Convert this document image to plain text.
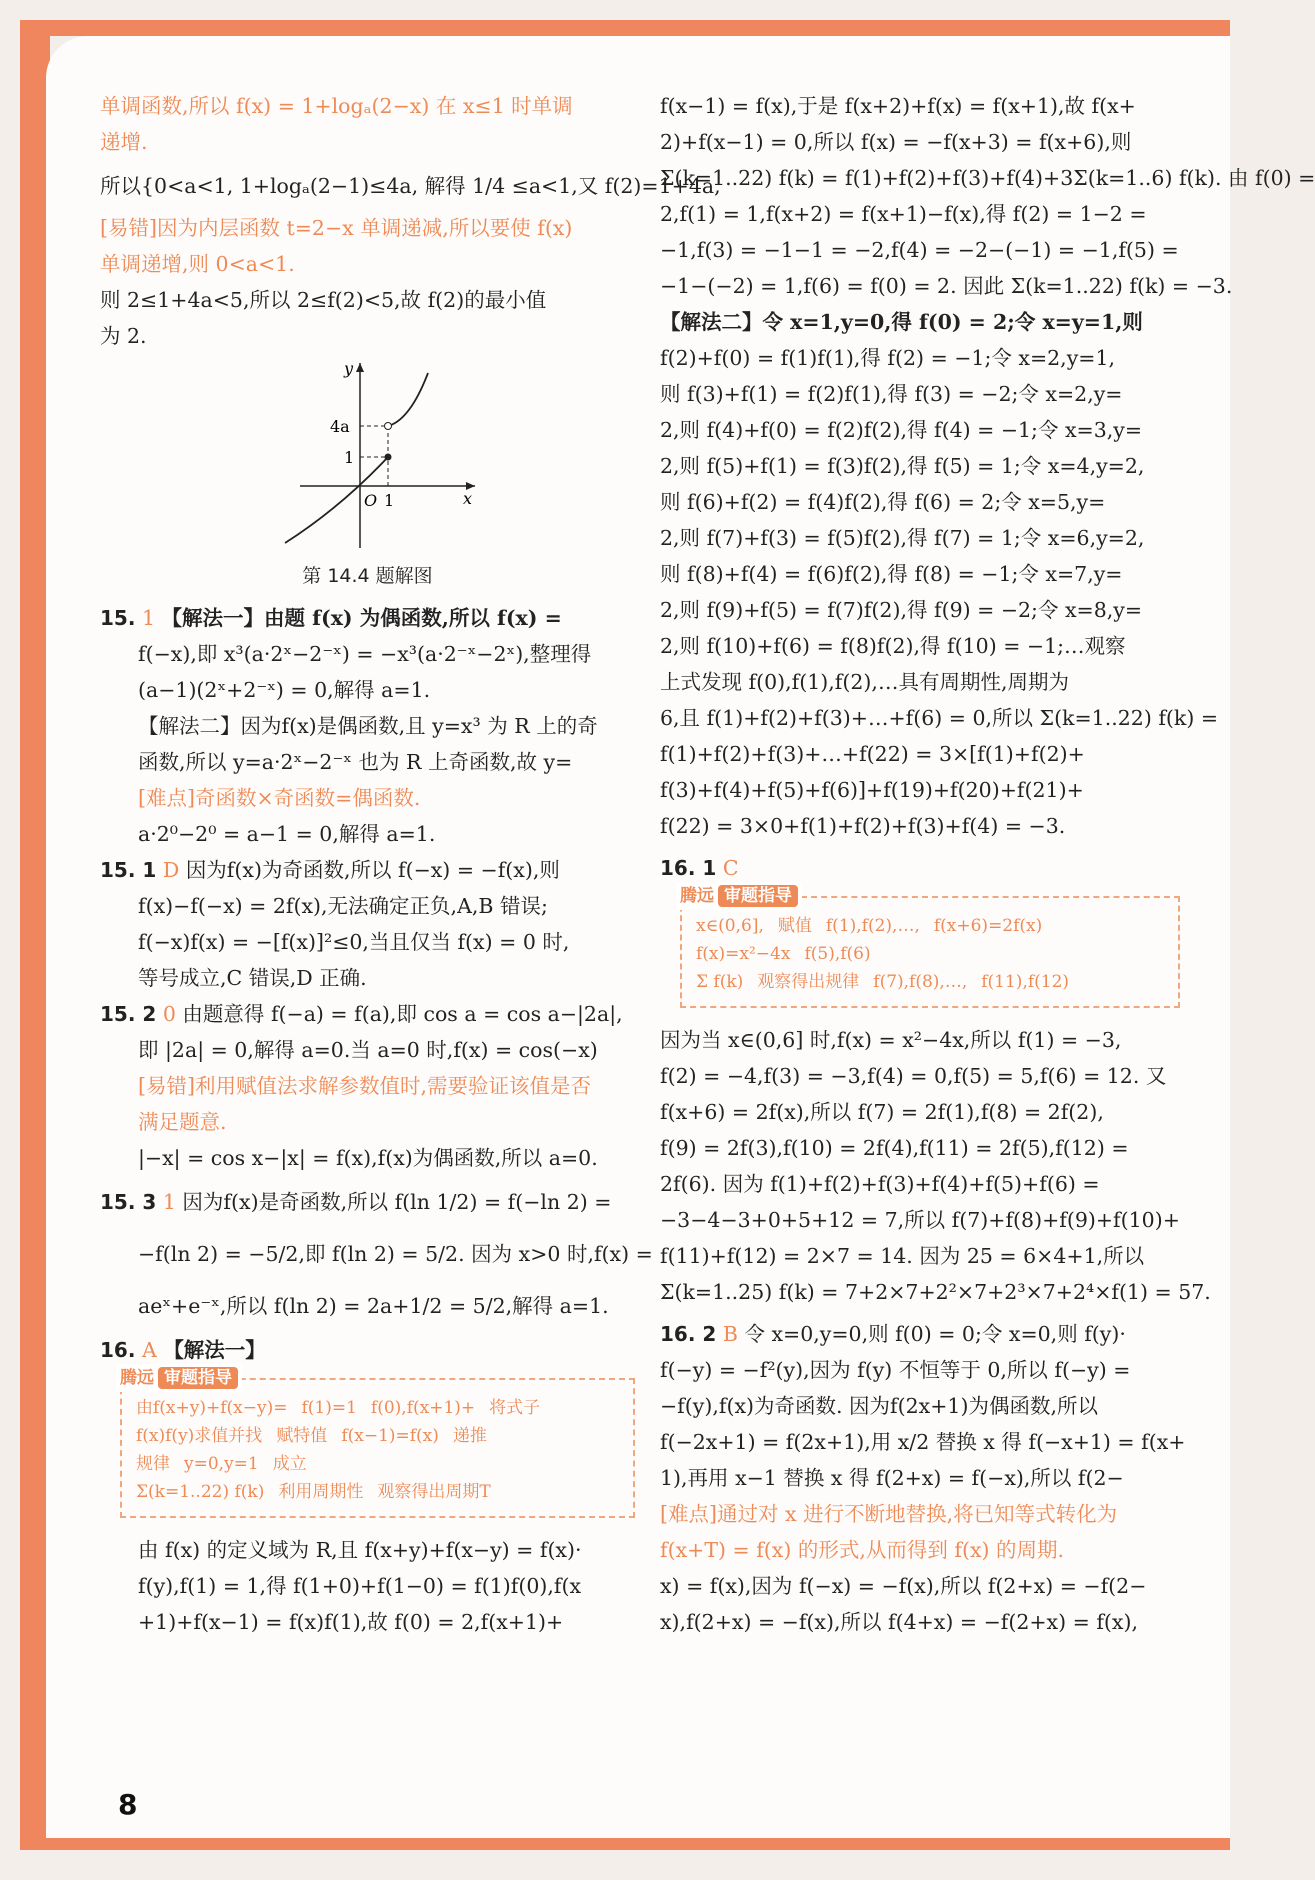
单调函数,所以 f(x) = 1+logₐ(2−x) 在 x≤1 时单调

递增.

所以{0<a<1, 1+logₐ(2−1)≤4a, 解得 1/4 ≤a<1,又 f(2)=1+4a,

[易错]因为内层函数 t=2−x 单调递减,所以要使 f(x)

单调递增,则 0<a<1.

则 2≤1+4a<5,所以 2≤f(2)<5,故 f(2)的最小值

为 2.

y
x
O 1
4a
1

第 14.4 题解图

15. 1 【解法一】由题 f(x) 为偶函数,所以 f(x) =

f(−x),即 x³(a·2ˣ−2⁻ˣ) = −x³(a·2⁻ˣ−2ˣ),整理得

(a−1)(2ˣ+2⁻ˣ) = 0,解得 a=1.

【解法二】因为f(x)是偶函数,且 y=x³ 为 R 上的奇

函数,所以 y=a·2ˣ−2⁻ˣ 也为 R 上奇函数,故 y=

[难点]奇函数×奇函数=偶函数.

a·2⁰−2⁰ = a−1 = 0,解得 a=1.

15. 1 D 因为f(x)为奇函数,所以 f(−x) = −f(x),则

f(x)−f(−x) = 2f(x),无法确定正负,A,B 错误;

f(−x)f(x) = −[f(x)]²≤0,当且仅当 f(x) = 0 时,

等号成立,C 错误,D 正确.

15. 2 0 由题意得 f(−a) = f(a),即 cos a = cos a−|2a|,

即 |2a| = 0,解得 a=0.当 a=0 时,f(x) = cos(−x)

[易错]利用赋值法求解参数值时,需要验证该值是否

满足题意.

|−x| = cos x−|x| = f(x),f(x)为偶函数,所以 a=0.

15. 3 1 因为f(x)是奇函数,所以 f(ln 1/2) = f(−ln 2) =

−f(ln 2) = −5/2,即 f(ln 2) = 5/2. 因为 x>0 时,f(x) =

aeˣ+e⁻ˣ,所以 f(ln 2) = 2a+1/2 = 5/2,解得 a=1.

16. A 【解法一】

腾远 审题指导
由f(x+y)+f(x−y)= f(1)=1 f(0),f(x+1)+ 将式子
f(x)f(y)求值并找 赋特值 f(x−1)=f(x) 递推
规律 y=0,y=1 成立
Σ(k=1..22) f(k) 利用周期性 观察得出周期T

由 f(x) 的定义域为 R,且 f(x+y)+f(x−y) = f(x)·

f(y),f(1) = 1,得 f(1+0)+f(1−0) = f(1)f(0),f(x

+1)+f(x−1) = f(x)f(1),故 f(0) = 2,f(x+1)+

f(x−1) = f(x),于是 f(x+2)+f(x) = f(x+1),故 f(x+

2)+f(x−1) = 0,所以 f(x) = −f(x+3) = f(x+6),则

Σ(k=1..22) f(k) = f(1)+f(2)+f(3)+f(4)+3Σ(k=1..6) f(k). 由 f(0) =

2,f(1) = 1,f(x+2) = f(x+1)−f(x),得 f(2) = 1−2 =

−1,f(3) = −1−1 = −2,f(4) = −2−(−1) = −1,f(5) =

−1−(−2) = 1,f(6) = f(0) = 2. 因此 Σ(k=1..22) f(k) = −3.

【解法二】令 x=1,y=0,得 f(0) = 2;令 x=y=1,则

f(2)+f(0) = f(1)f(1),得 f(2) = −1;令 x=2,y=1,

则 f(3)+f(1) = f(2)f(1),得 f(3) = −2;令 x=2,y=

2,则 f(4)+f(0) = f(2)f(2),得 f(4) = −1;令 x=3,y=

2,则 f(5)+f(1) = f(3)f(2),得 f(5) = 1;令 x=4,y=2,

则 f(6)+f(2) = f(4)f(2),得 f(6) = 2;令 x=5,y=

2,则 f(7)+f(3) = f(5)f(2),得 f(7) = 1;令 x=6,y=2,

则 f(8)+f(4) = f(6)f(2),得 f(8) = −1;令 x=7,y=

2,则 f(9)+f(5) = f(7)f(2),得 f(9) = −2;令 x=8,y=

2,则 f(10)+f(6) = f(8)f(2),得 f(10) = −1;…观察

上式发现 f(0),f(1),f(2),…具有周期性,周期为

6,且 f(1)+f(2)+f(3)+…+f(6) = 0,所以 Σ(k=1..22) f(k) =

f(1)+f(2)+f(3)+…+f(22) = 3×[f(1)+f(2)+

f(3)+f(4)+f(5)+f(6)]+f(19)+f(20)+f(21)+

f(22) = 3×0+f(1)+f(2)+f(3)+f(4) = −3.

16. 1 C

腾远 审题指导
x∈(0,6], 赋值 f(1),f(2),…, f(x+6)=2f(x)
f(x)=x²−4x f(5),f(6)
Σ f(k) 观察得出规律 f(7),f(8),…, f(11),f(12)

因为当 x∈(0,6] 时,f(x) = x²−4x,所以 f(1) = −3,

f(2) = −4,f(3) = −3,f(4) = 0,f(5) = 5,f(6) = 12. 又

f(x+6) = 2f(x),所以 f(7) = 2f(1),f(8) = 2f(2),

f(9) = 2f(3),f(10) = 2f(4),f(11) = 2f(5),f(12) =

2f(6). 因为 f(1)+f(2)+f(3)+f(4)+f(5)+f(6) =

−3−4−3+0+5+12 = 7,所以 f(7)+f(8)+f(9)+f(10)+

f(11)+f(12) = 2×7 = 14. 因为 25 = 6×4+1,所以

Σ(k=1..25) f(k) = 7+2×7+2²×7+2³×7+2⁴×f(1) = 57.

16. 2 B 令 x=0,y=0,则 f(0) = 0;令 x=0,则 f(y)·

f(−y) = −f²(y),因为 f(y) 不恒等于 0,所以 f(−y) =

−f(y),f(x)为奇函数. 因为f(2x+1)为偶函数,所以

f(−2x+1) = f(2x+1),用 x/2 替换 x 得 f(−x+1) = f(x+

1),再用 x−1 替换 x 得 f(2+x) = f(−x),所以 f(2−

[难点]通过对 x 进行不断地替换,将已知等式转化为

f(x+T) = f(x) 的形式,从而得到 f(x) 的周期.

x) = f(x),因为 f(−x) = −f(x),所以 f(2+x) = −f(2−

x),f(2+x) = −f(x),所以 f(4+x) = −f(2+x) = f(x),

8
